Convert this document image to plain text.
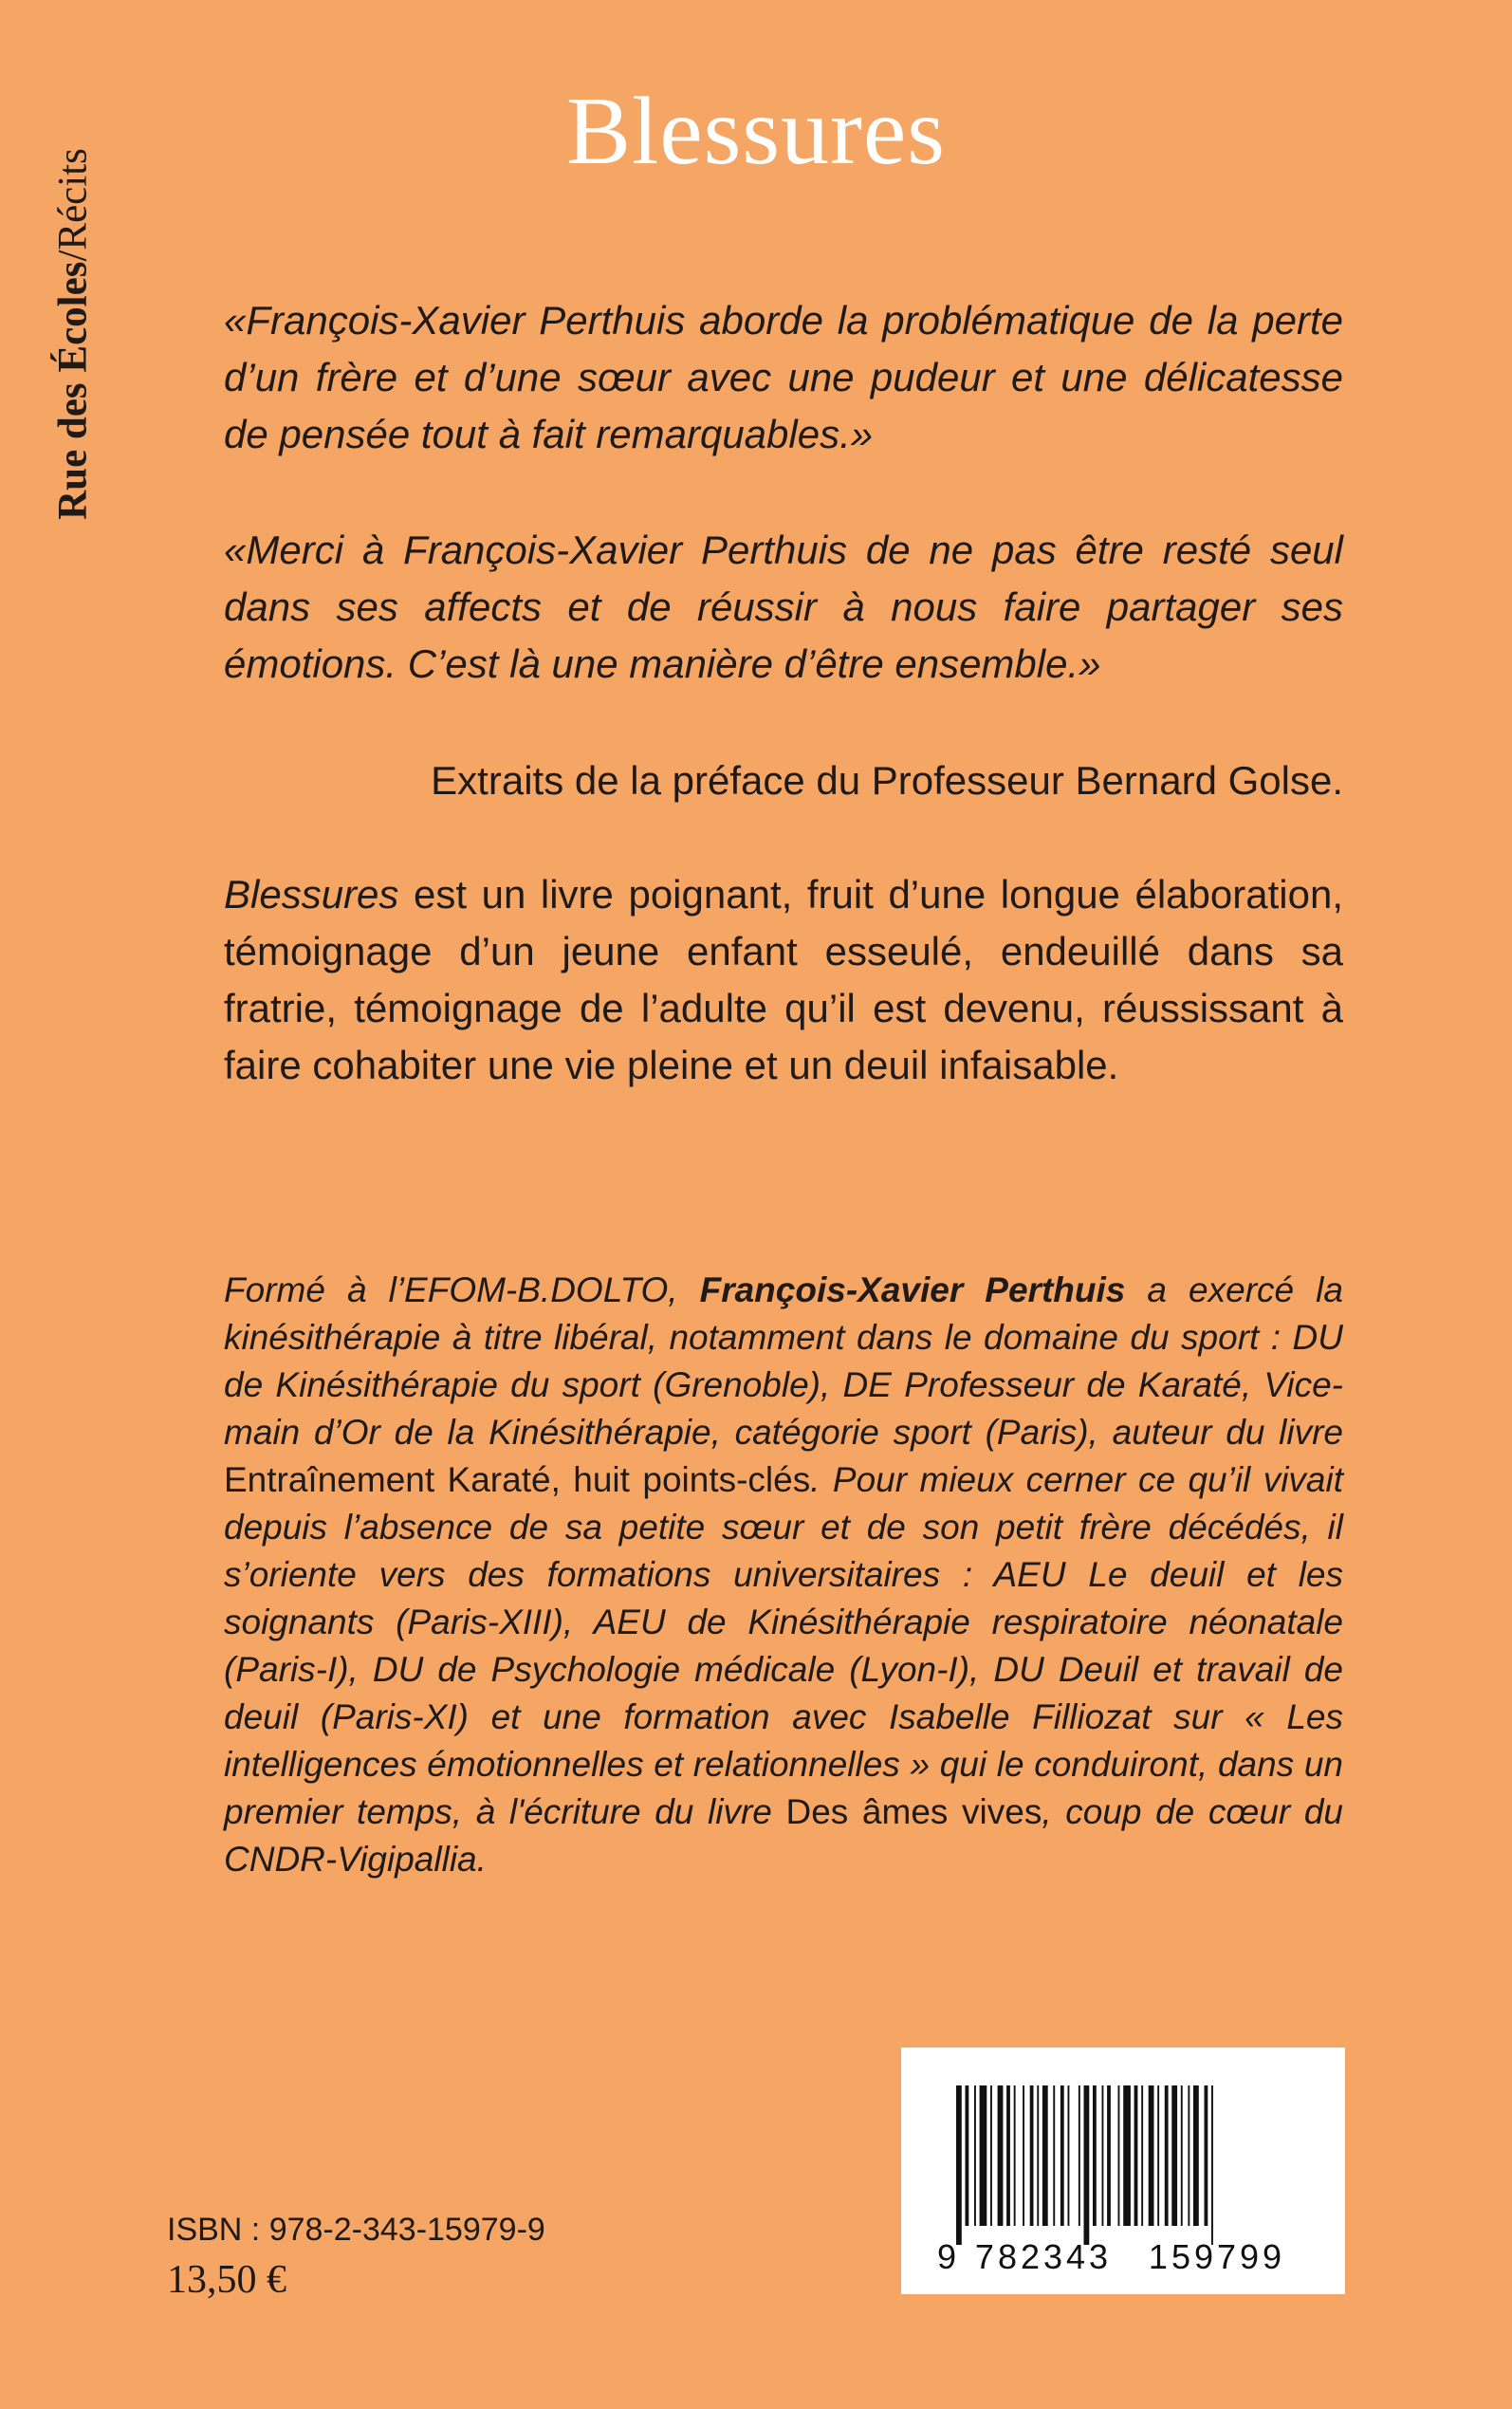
Rue des Écoles/Récits
Blessures
«François-Xavier Perthuis aborde la problématique de la perte d’un frère et d’une sœur avec une pudeur et une délicatesse de pensée tout à fait remarquables.»
«Merci à François-Xavier Perthuis de ne pas être resté seul dans ses affects et de réussir à nous faire partager ses émotions. C’est là une manière d’être ensemble.»
Extraits de la préface du Professeur Bernard Golse.
Blessures est un livre poignant, fruit d’une longue élaboration, témoignage d’un jeune enfant esseulé, endeuillé dans sa fratrie, témoignage de l’adulte qu’il est devenu, réussissant à faire cohabiter une vie pleine et un deuil infaisable.
Formé à l’EFOM-B.DOLTO, François-Xavier Perthuis a exercé la kinésithérapie à titre libéral, notamment dans le domaine du sport : DU de Kinésithérapie du sport (Grenoble), DE Professeur de Karaté, Vice-main d’Or de la Kinésithérapie, catégorie sport (Paris), auteur du livre Entraînement Karaté, huit points-clés. Pour mieux cerner ce qu’il vivait depuis l’absence de sa petite sœur et de son petit frère décédés, il s’oriente vers des formations universitaires : AEU Le deuil et les soignants (Paris-XIII), AEU de Kinésithérapie respiratoire néonatale (Paris-I), DU de Psychologie médicale (Lyon-I), DU Deuil et travail de deuil (Paris-XI) et une formation avec Isabelle Filliozat sur « Les intelligences émotionnelles et relationnelles » qui le conduiront, dans un premier temps, à l'écriture du livre Des âmes vives, coup de cœur du CNDR-Vigipallia.
9 782343 159799
ISBN : 978-2-343-15979-9
13,50 €
